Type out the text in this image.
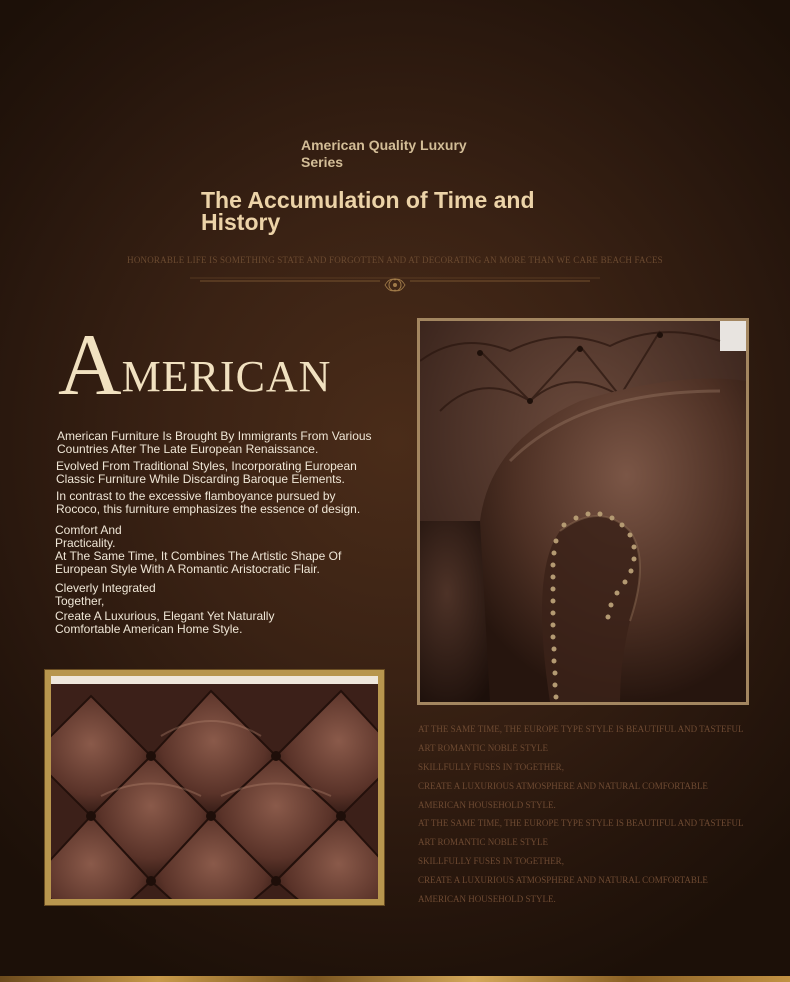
American Quality Luxury Series
The Accumulation of Time and History
HONORABLE LIFE IS SOMETHING STATE AND FORGOTTEN AND AT DECORATING AN MORE THAN WE CARE BEACH FACES
AMERICAN
American Furniture Is Brought By Immigrants From Various Countries After The Late European Renaissance.
Evolved From Traditional Styles, Incorporating European Classic Furniture While Discarding Baroque Elements.
In contrast to the excessive flamboyance pursued by Rococo, this furniture emphasizes the essence of design.
Comfort And Practicality.
At The Same Time, It Combines The Artistic Shape Of European Style With A Romantic Aristocratic Flair.
Cleverly Integrated Together,
Create A Luxurious, Elegant Yet Naturally Comfortable American Home Style.
AT THE SAME TIME, THE EUROPE TYPE STYLE IS BEAUTIFUL AND TASTEFUL
ART ROMANTIC NOBLE STYLE
SKILLFULLY FUSES IN TOGETHER,
CREATE A LUXURIOUS ATMOSPHERE AND NATURAL COMFORTABLE
AMERICAN HOUSEHOLD STYLE.
AT THE SAME TIME, THE EUROPE TYPE STYLE IS BEAUTIFUL AND TASTEFUL
ART ROMANTIC NOBLE STYLE
SKILLFULLY FUSES IN TOGETHER,
CREATE A LUXURIOUS ATMOSPHERE AND NATURAL COMFORTABLE
AMERICAN HOUSEHOLD STYLE.
